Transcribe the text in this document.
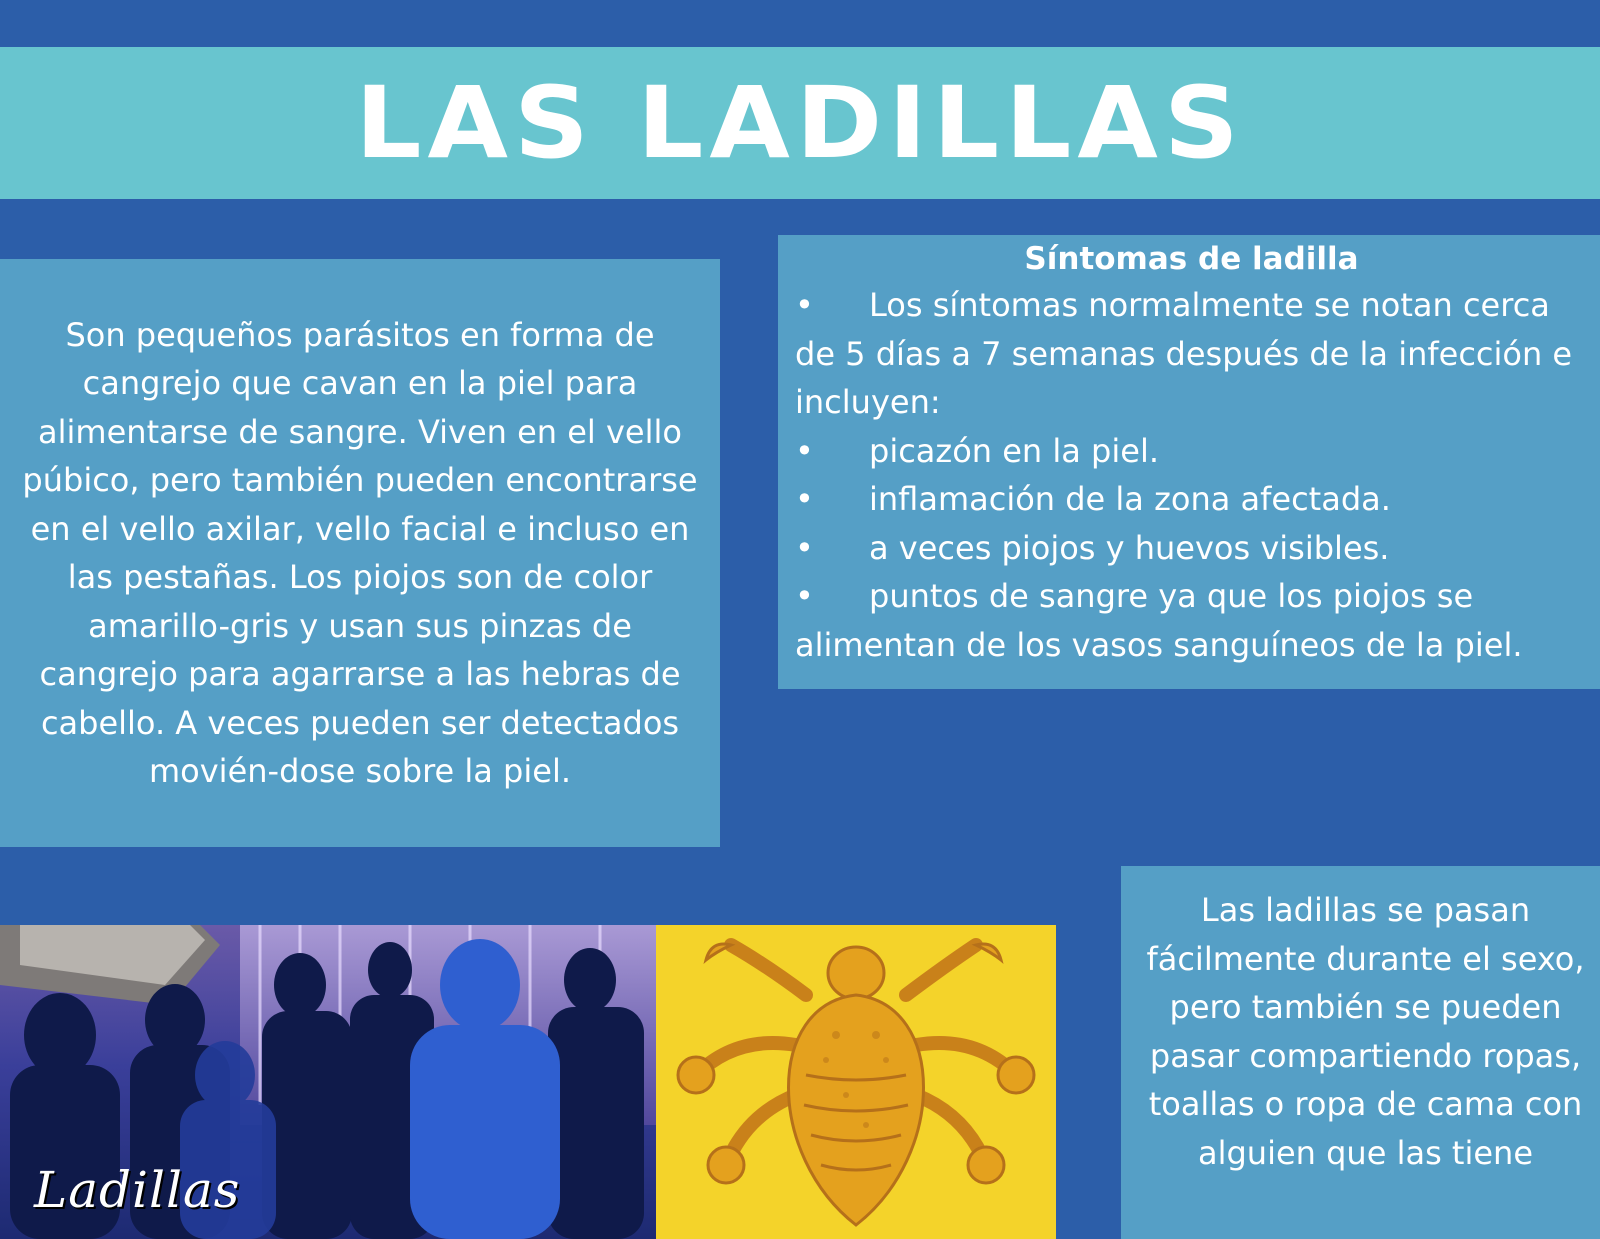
LAS LADILLAS

Son pequeños parásitos en forma de cangrejo que cavan en la piel para alimentarse de sangre. Viven en el vello púbico, pero también pueden encontrarse en el vello axilar, vello facial e incluso en las pestañas. Los piojos son de color amarillo-gris y usan sus pinzas de cangrejo para agarrarse a las hebras de cabello. A veces pueden ser detectados movién-dose sobre la piel.

Síntomas de ladilla
• Los síntomas normalmente se notan cerca de 5 días a 7 semanas después de la infección e incluyen:
• picazón en la piel.
• inflamación de la zona afectada.
• a veces piojos y huevos visibles.
• puntos de sangre ya que los piojos se alimentan de los vasos sanguíneos de la piel.
Ladillas

Las ladillas se pasan fácilmente durante el sexo, pero también se pueden pasar compartiendo ropas, toallas o ropa de cama con alguien que las tiene
